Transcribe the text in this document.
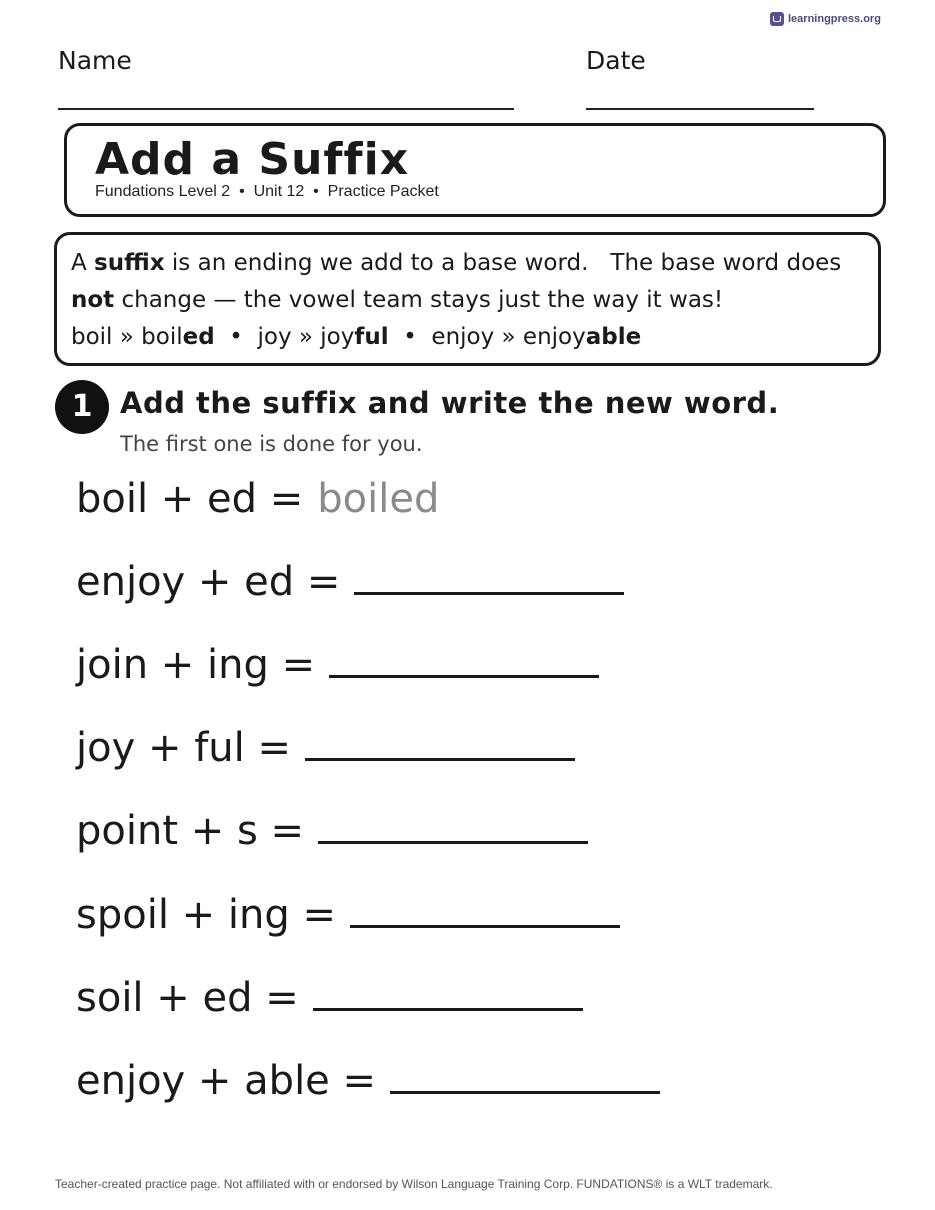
learningpress.org
Name	Date
Add a Suffix
Fundations Level 2  •  Unit 12  •  Practice Packet
A suffix is an ending we add to a base word.   The base word does not change — the vowel team stays just the way it was!
boil » boiled  •  joy » joyful  •  enjoy » enjoyable
1 Add the suffix and write the new word.
The first one is done for you.
boil + ed = boiled
enjoy + ed =
join + ing =
joy + ful =
point + s =
spoil + ing =
soil + ed =
enjoy + able =
Teacher-created practice page. Not affiliated with or endorsed by Wilson Language Training Corp. FUNDATIONS® is a WLT trademark.
